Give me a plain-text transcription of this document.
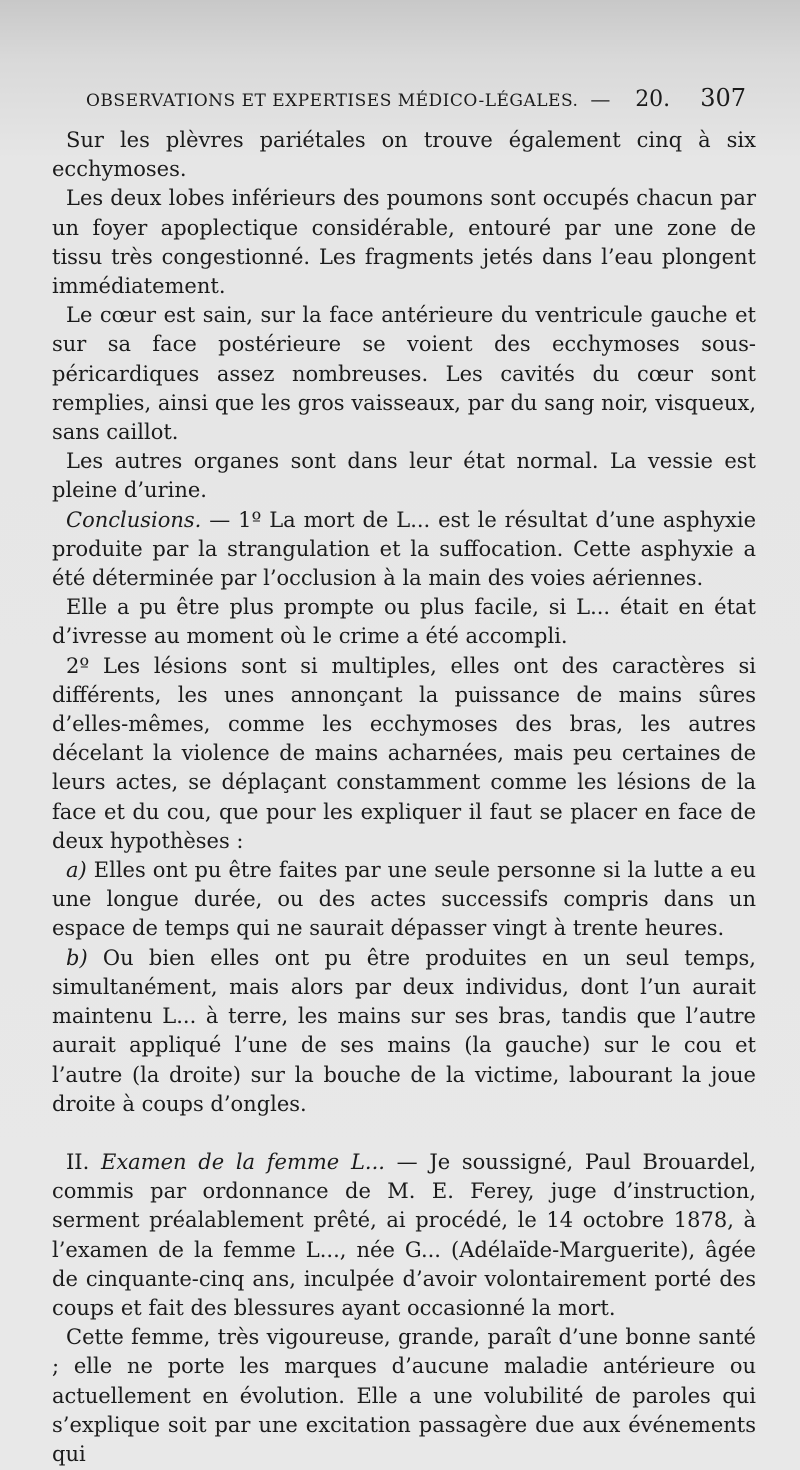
OBSERVATIONS ET EXPERTISES MÉDICO-LÉGALES. — 20. 307

Sur les plèvres pariétales on trouve également cinq à six ecchymoses.

Les deux lobes inférieurs des poumons sont occupés chacun par un foyer apoplectique considérable, entouré par une zone de tissu très congestionné. Les fragments jetés dans l’eau plongent immédiatement.

Le cœur est sain, sur la face antérieure du ventricule gauche et sur sa face postérieure se voient des ecchymoses sous-péricardiques assez nombreuses. Les cavités du cœur sont remplies, ainsi que les gros vaisseaux, par du sang noir, visqueux, sans caillot.

Les autres organes sont dans leur état normal. La vessie est pleine d’urine.

Conclusions. — 1º La mort de L... est le résultat d’une asphyxie produite par la strangulation et la suffocation. Cette asphyxie a été déterminée par l’occlusion à la main des voies aériennes.

Elle a pu être plus prompte ou plus facile, si L... était en état d’ivresse au moment où le crime a été accompli.

2º Les lésions sont si multiples, elles ont des caractères si différents, les unes annonçant la puissance de mains sûres d’elles-mêmes, comme les ecchymoses des bras, les autres décelant la violence de mains acharnées, mais peu certaines de leurs actes, se déplaçant constamment comme les lésions de la face et du cou, que pour les expliquer il faut se placer en face de deux hypothèses :

a) Elles ont pu être faites par une seule personne si la lutte a eu une longue durée, ou des actes successifs compris dans un espace de temps qui ne saurait dépasser vingt à trente heures.

b) Ou bien elles ont pu être produites en un seul temps, simultanément, mais alors par deux individus, dont l’un aurait maintenu L... à terre, les mains sur ses bras, tandis que l’autre aurait appliqué l’une de ses mains (la gauche) sur le cou et l’autre (la droite) sur la bouche de la victime, labourant la joue droite à coups d’ongles.

II. Examen de la femme L... — Je soussigné, Paul Brouardel, commis par ordonnance de M. E. Ferey, juge d’instruction, serment préalablement prêté, ai procédé, le 14 octobre 1878, à l’examen de la femme L..., née G... (Adélaïde-Marguerite), âgée de cinquante-cinq ans, inculpée d’avoir volontairement porté des coups et fait des blessures ayant occasionné la mort.

Cette femme, très vigoureuse, grande, paraît d’une bonne santé ; elle ne porte les marques d’aucune maladie antérieure ou actuellement en évolution. Elle a une volubilité de paroles qui s’explique soit par une excitation passagère due aux événements qui
